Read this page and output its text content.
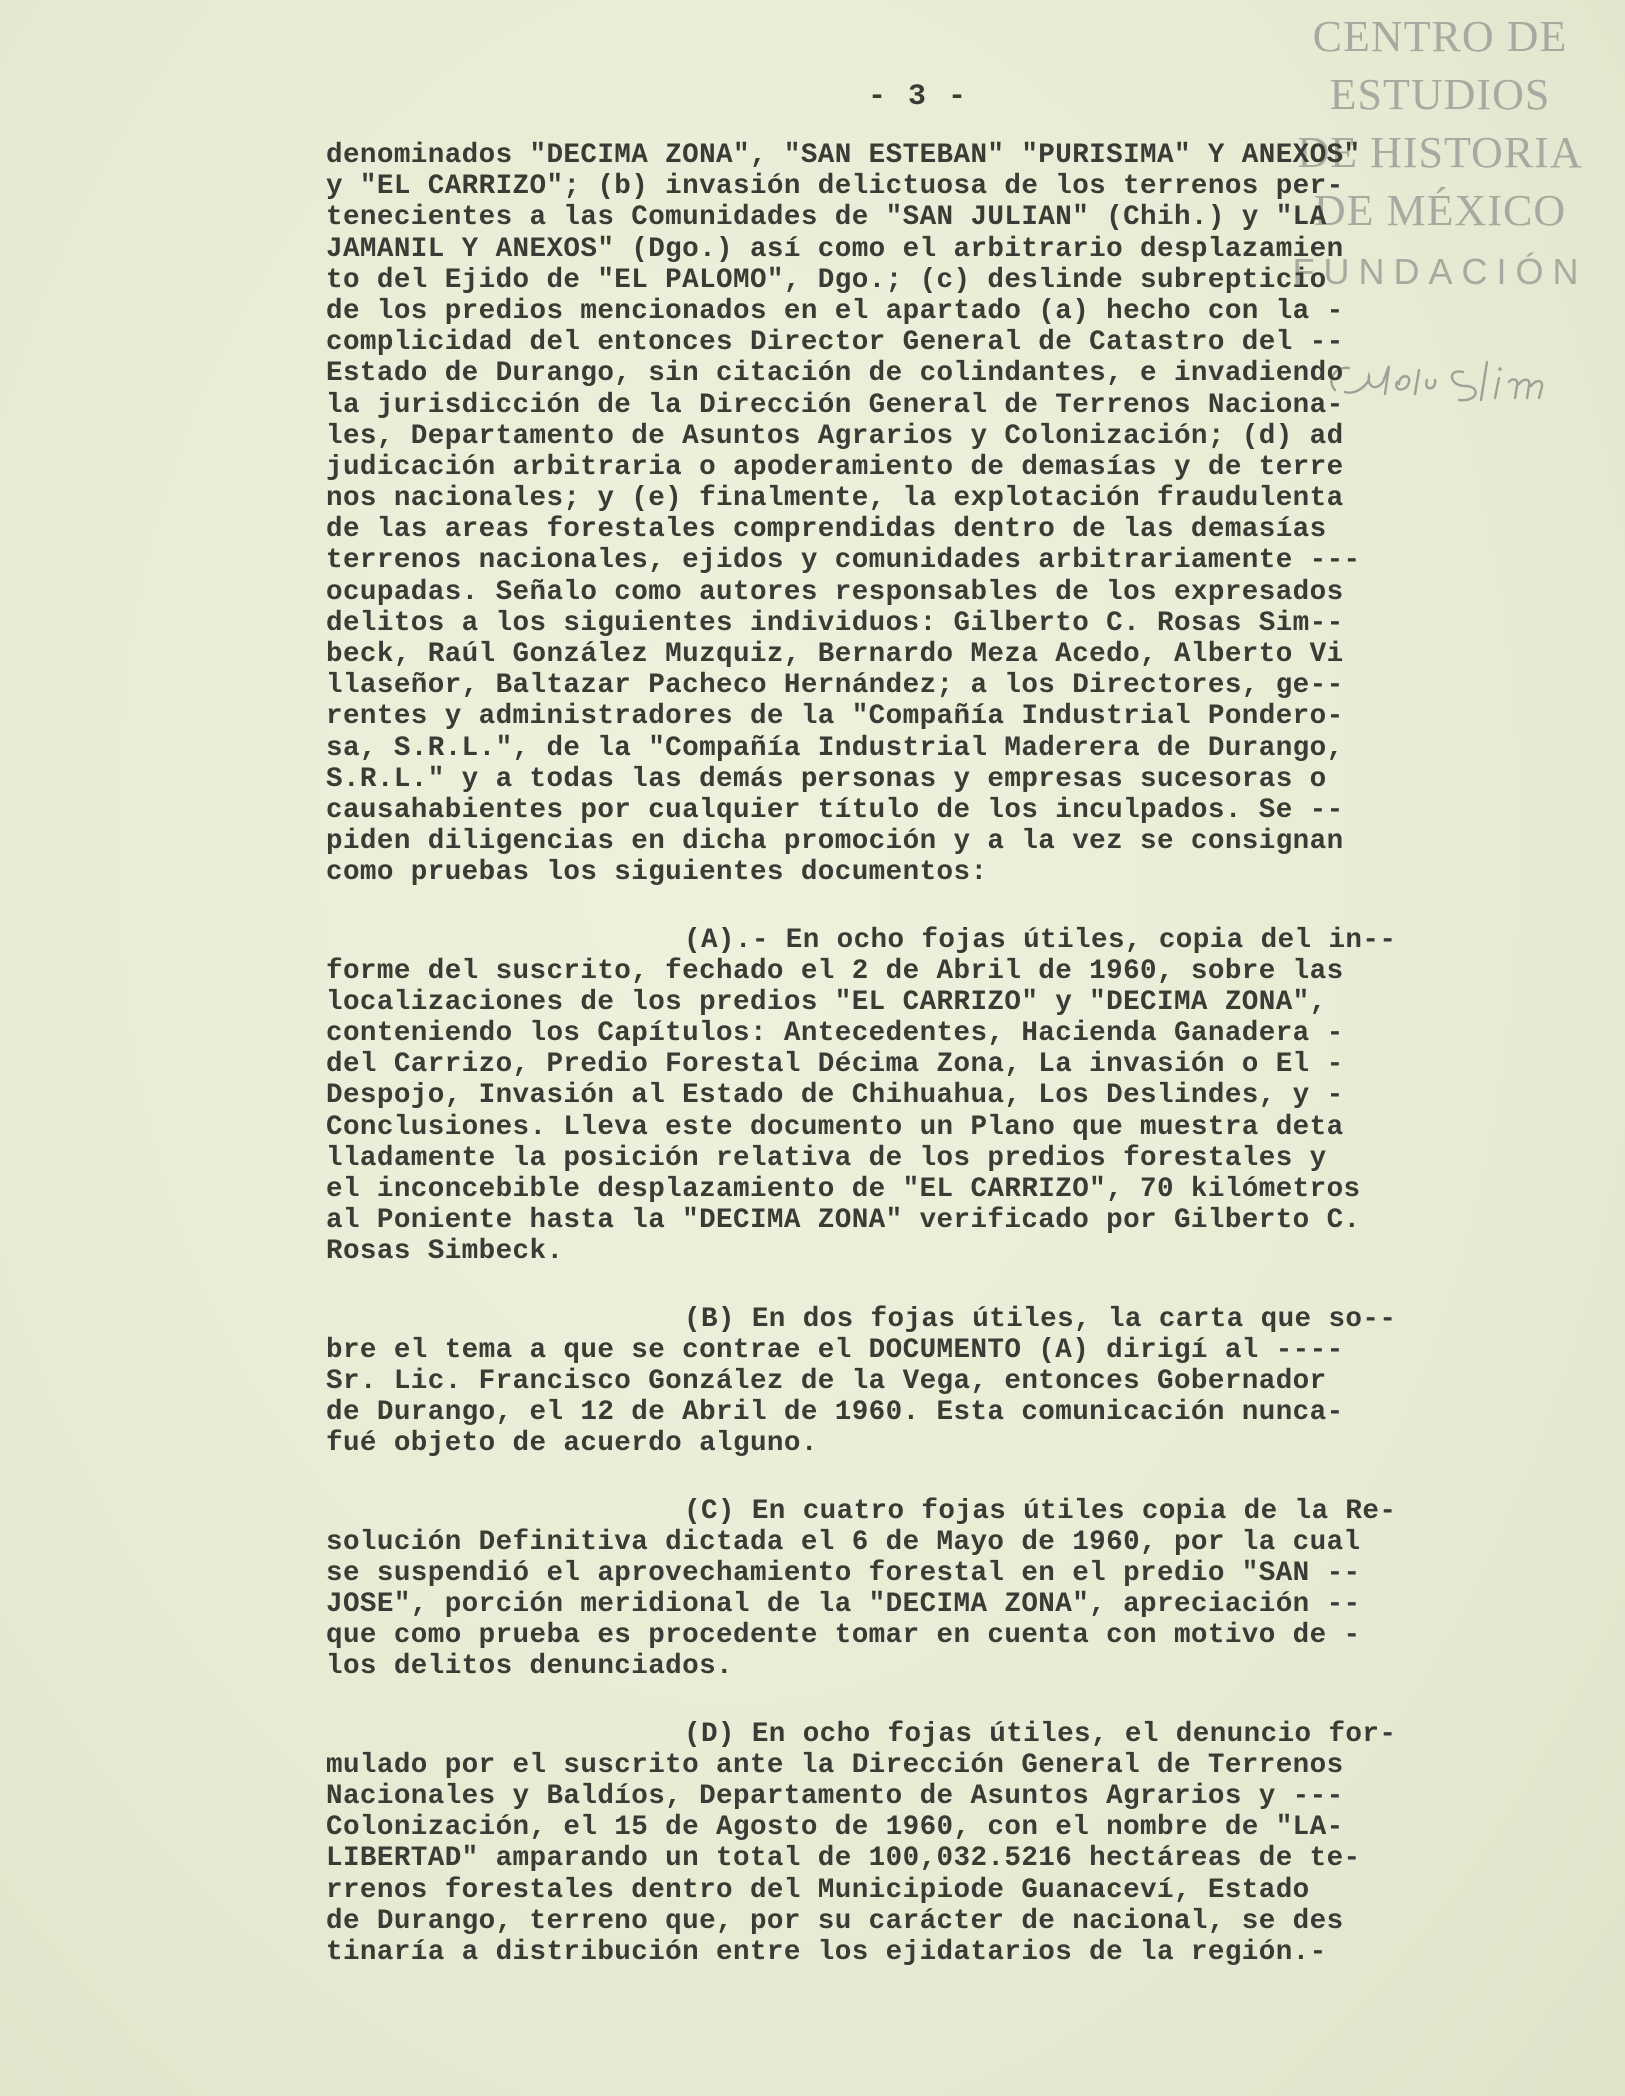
CENTRO DE
ESTUDIOS
DE HISTORIA
DE MÉXICO
FUNDACIÓN
- 3 -
denominados "DECIMA ZONA", "SAN ESTEBAN" "PURISIMA" Y ANEXOS"
y "EL CARRIZO"; (b) invasión delictuosa de los terrenos per-
tenecientes a las Comunidades de "SAN JULIAN" (Chih.) y "LA
JAMANIL Y ANEXOS" (Dgo.) así como el arbitrario desplazamien
to del Ejido de "EL PALOMO", Dgo.; (c) deslinde subrepticio
de los predios mencionados en el apartado (a) hecho con la -
complicidad del entonces Director General de Catastro del --
Estado de Durango, sin citación de colindantes, e invadiendo
la jurisdicción de la Dirección General de Terrenos Naciona-
les, Departamento de Asuntos Agrarios y Colonización; (d) ad
judicación arbitraria o apoderamiento de demasías y de terre
nos nacionales; y (e) finalmente, la explotación fraudulenta
de las areas forestales comprendidas dentro de las demasías
terrenos nacionales, ejidos y comunidades arbitrariamente ---
ocupadas. Señalo como autores responsables de los expresados
delitos a los siguientes individuos: Gilberto C. Rosas Sim--
beck, Raúl González Muzquiz, Bernardo Meza Acedo, Alberto Vi
llaseñor, Baltazar Pacheco Hernández; a los Directores, ge--
rentes y administradores de la "Compañía Industrial Pondero-
sa, S.R.L.", de la "Compañía Industrial Maderera de Durango,
S.R.L." y a todas las demás personas y empresas sucesoras o
causahabientes por cualquier título de los inculpados. Se --
piden diligencias en dicha promoción y a la vez se consignan
como pruebas los siguientes documentos:
(A).- En ocho fojas útiles, copia del in--
forme del suscrito, fechado el 2 de Abril de 1960, sobre las
localizaciones de los predios "EL CARRIZO" y "DECIMA ZONA",
conteniendo los Capítulos: Antecedentes, Hacienda Ganadera -
del Carrizo, Predio Forestal Décima Zona, La invasión o El -
Despojo, Invasión al Estado de Chihuahua, Los Deslindes, y -
Conclusiones. Lleva este documento un Plano que muestra deta
lladamente la posición relativa de los predios forestales y
el inconcebible desplazamiento de "EL CARRIZO", 70 kilómetros
al Poniente hasta la "DECIMA ZONA" verificado por Gilberto C.
Rosas Simbeck.
(B) En dos fojas útiles, la carta que so--
bre el tema a que se contrae el DOCUMENTO (A) dirigí al ----
Sr. Lic. Francisco González de la Vega, entonces Gobernador
de Durango, el 12 de Abril de 1960. Esta comunicación nunca-
fué objeto de acuerdo alguno.
(C) En cuatro fojas útiles copia de la Re-
solución Definitiva dictada el 6 de Mayo de 1960, por la cual
se suspendió el aprovechamiento forestal en el predio "SAN --
JOSE", porción meridional de la "DECIMA ZONA", apreciación --
que como prueba es procedente tomar en cuenta con motivo de -
los delitos denunciados.
(D) En ocho fojas útiles, el denuncio for-
mulado por el suscrito ante la Dirección General de Terrenos
Nacionales y Baldíos, Departamento de Asuntos Agrarios y ---
Colonización, el 15 de Agosto de 1960, con el nombre de "LA-
LIBERTAD" amparando un total de 100,032.5216 hectáreas de te-
rrenos forestales dentro del Municipiode Guanaceví, Estado
de Durango, terreno que, por su carácter de nacional, se des
tinaría a distribución entre los ejidatarios de la región.-
